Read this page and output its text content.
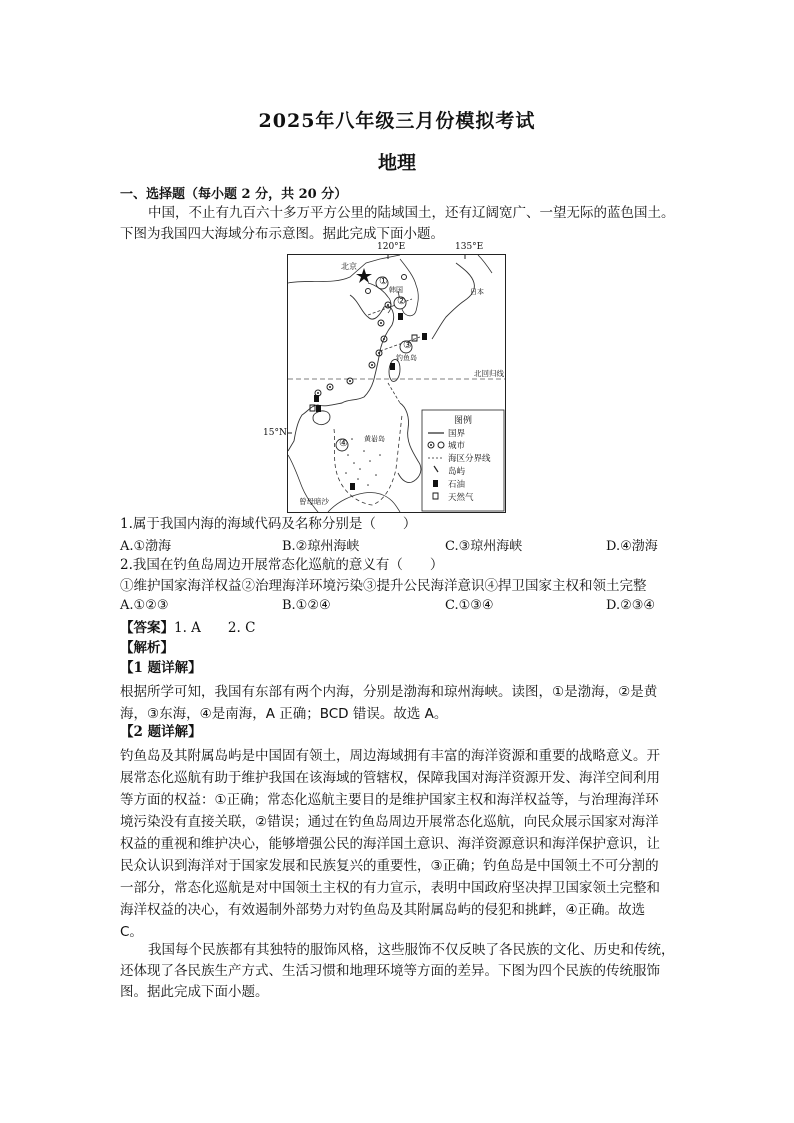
2025年八年级三月份模拟考试
地理
一、选择题（每小题 2 分，共 20 分）
中国，不止有九百六十多万平方公里的陆域国土，还有辽阔宽广、一望无际的蓝色国土。
下图为我国四大海域分布示意图。据此完成下面小题。
120°E	135°E
15°N
北京
韩国	日本
钓鱼岛
北回归线
黄岩岛
曾母暗沙
①
②
③
④
图例
国界
城市
海区分界线
岛屿
石油
天然气
1.属于我国内海的海域代码及名称分别是（　　）
A.①渤海	B.②琼州海峡	C.③琼州海峡	D.④渤海
2.我国在钓鱼岛周边开展常态化巡航的意义有（　　）
①维护国家海洋权益②治理海洋环境污染③提升公民海洋意识④捍卫国家主权和领土完整
A.①②③	B.①②④	C.①③④	D.②③④
【答案】1. A　　2. C
【解析】
【1 题详解】
根据所学可知，我国有东部有两个内海，分别是渤海和琼州海峡。读图，①是渤海，②是黄
海，③东海，④是南海，A 正确；BCD 错误。故选 A。
【2 题详解】
钓鱼岛及其附属岛屿是中国固有领土，周边海域拥有丰富的海洋资源和重要的战略意义。开
展常态化巡航有助于维护我国在该海域的管辖权，保障我国对海洋资源开发、海洋空间利用
等方面的权益：①正确；常态化巡航主要目的是维护国家主权和海洋权益等，与治理海洋环
境污染没有直接关联，②错误；通过在钓鱼岛周边开展常态化巡航，向民众展示国家对海洋
权益的重视和维护决心，能够增强公民的海洋国土意识、海洋资源意识和海洋保护意识，让
民众认识到海洋对于国家发展和民族复兴的重要性，③正确；钓鱼岛是中国领土不可分割的
一部分，常态化巡航是对中国领土主权的有力宣示，表明中国政府坚决捍卫国家领土完整和
海洋权益的决心，有效遏制外部势力对钓鱼岛及其附属岛屿的侵犯和挑衅，④正确。故选
C。
我国每个民族都有其独特的服饰风格，这些服饰不仅反映了各民族的文化、历史和传统，
还体现了各民族生产方式、生活习惯和地理环境等方面的差异。下图为四个民族的传统服饰
图。据此完成下面小题。
